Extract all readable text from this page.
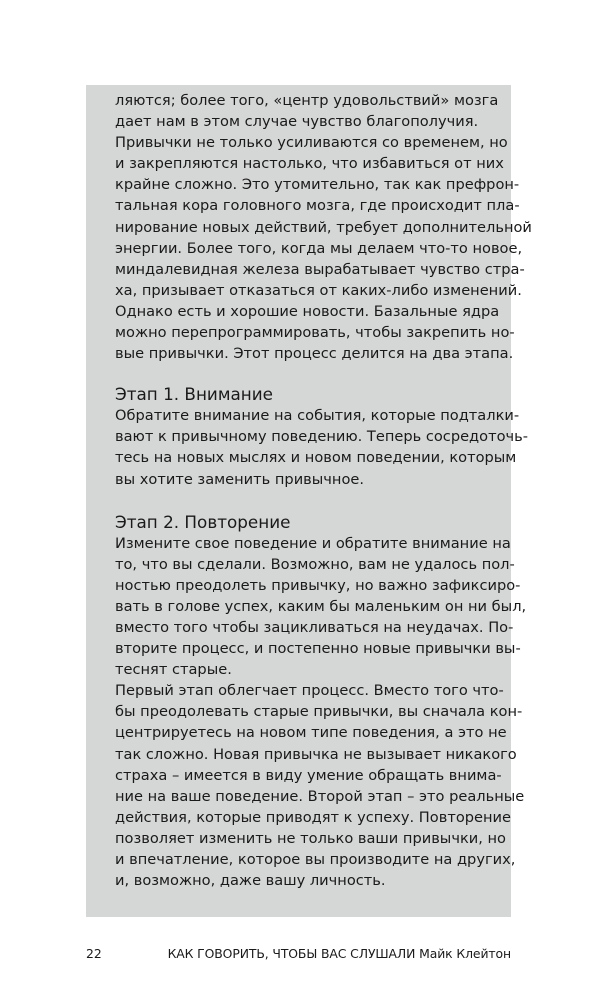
ляются; более того, «центр удовольствий» мозга
дает нам в этом случае чувство благополучия.
Привычки не только усиливаются со временем, но
и закрепляются настолько, что избавиться от них
крайне сложно. Это утомительно, так как префрон-
тальная кора головного мозга, где происходит пла-
нирование новых действий, требует дополнительной
энергии. Более того, когда мы делаем что-то новое,
миндалевидная железа вырабатывает чувство стра-
ха, призывает отказаться от каких-либо изменений.
Однако есть и хорошие новости. Базальные ядра
можно перепрограммировать, чтобы закрепить но-
вые привычки. Этот процесс делится на два этапа.
Этап 1. Внимание
Обратите внимание на события, которые подталки-
вают к привычному поведению. Теперь сосредоточь-
тесь на новых мыслях и новом поведении, которым
вы хотите заменить привычное.
Этап 2. Повторение
Измените свое поведение и обратите внимание на
то, что вы сделали. Возможно, вам не удалось пол-
ностью преодолеть привычку, но важно зафиксиро-
вать в голове успех, каким бы маленьким он ни был,
вместо того чтобы зацикливаться на неудачах. По-
вторите процесс, и постепенно новые привычки вы-
теснят старые.
Первый этап облегчает процесс. Вместо того что-
бы преодолевать старые привычки, вы сначала кон-
центрируетесь на новом типе поведения, а это не
так сложно. Новая привычка не вызывает никакого
страха – имеется в виду умение обращать внима-
ние на ваше поведение. Второй этап – это реальные
действия, которые приводят к успеху. Повторение
позволяет изменить не только ваши привычки, но
и впечатление, которое вы производите на других,
и, возможно, даже вашу личность.
22	КАК ГОВОРИТЬ, ЧТОБЫ ВАС СЛУШАЛИ Майк Клейтон
